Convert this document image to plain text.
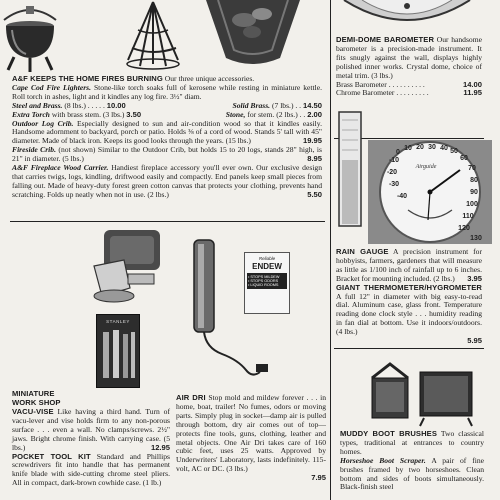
A&F KEEPS THE HOME FIRES BURNING Our three unique accessories.
Cape Cod Fire Lighters. Stone-like torch soaks full of kerosene while resting in miniature kettle. Roll torch in ashes, light and it kindles any log fire. 3½" diam.
Steel and Brass. (8 lbs.) . . . . . 10.00	Solid Brass. (7 lbs.) . . 14.50
Extra Torch with brass stem. (3 lbs.) 3.50	Stone, for stem. (2 lbs.) . . 2.00
Outdoor Log Crib. Especially designed to sun and air-condition wood so that it kindles easily. Handsome adornment to backyard, porch or patio. Holds ⅜ of a cord of wood. Stands 5' tall with 45" diameter. Made of black iron. Keeps its good looks through the years. (15 lbs.)	19.95
Fireside Crib. (not shown) Similar to the Outdoor Crib, but holds 15 to 20 logs, stands 28" high, is 21" in diameter. (5 lbs.)	8.95
A&F Fireplace Wood Carrier. Handiest fireplace accessory you'll ever own. Our exclusive design that carries twigs, logs, kindling, driftwood easily and compactly. End panels keep small pieces from falling out. Made of heavy-duty forest green cotton canvas that protects your clothing, prevents hand scratching. Folds up neatly when not in use. (2 lbs.)	5.50
DEMI-DOME BAROMETER Our handsome barometer is a precision-made instrument. It fits snugly against the wall, displays highly polished inner works. Crystal dome, choice of metal trim. (3 lbs.)
Brass Barometer . . . . . . . . . .	14.00
Chrome Barometer . . . . . . . . .	11.95
-40
-30
-20
-10
0
10 20 30 40 50
60
70
80
90
100
110
120
130
Airguide
RAIN GAUGE A precision instrument for hobbyists, farmers, gardeners that will measure as little as 1/100 inch of rainfall up to 6 inches. Bracket for mounting included. (2 lbs.) 3.95
GIANT THERMOMETER/HYGROMETER A full 12" in diameter with big easy-to-read dial. Aluminum case, glass front. Temperature reading done clock style . . . humidity reading in fan dial at bottom. Use it indoors/outdoors. (4 lbs.)
5.95
STANLEY
MINIATURE
WORK SHOP
VACU-VISE Like having a third hand. Turn of vacu-lever and vise holds firm to any non-porous surface . . . even a wall. No clamps/screws. 2½" jaws. Bright chrome finish. With carrying case. (5 lbs.)	12.95
POCKET TOOL KIT Standard and Phillips screwdrivers fit into handle that has permanent knife blade with side-cutting chrome steel pliers. All in compact, dark-brown cowhide case. (1 lb.)
Reliable
ENDEW
• STOPS MILDEW
• STOPS ODORS
• LIQUID ROOMS
AIR DRI Stop mold and mildew forever . . . in home, boat, trailer! No fumes, odors or moving parts. Simply plug in socket—damp air is pulled through bottom, dry air comes out of top—protects fine tools, guns, clothing, leather and metal objects. One Air Dri takes care of 160 cubic feet, uses 25 watts. Approved by Underwriters' Laboratory, lasts indefinitely. 115-volt, AC or DC. (3 lbs.)
7.95
MUDDY BOOT BRUSHES Two classical types, traditional at entrances to country homes.
Horseshoe Boot Scraper. A pair of fine brushes framed by two horseshoes. Clean bottom and sides of boots simultaneously. Black-finish steel
